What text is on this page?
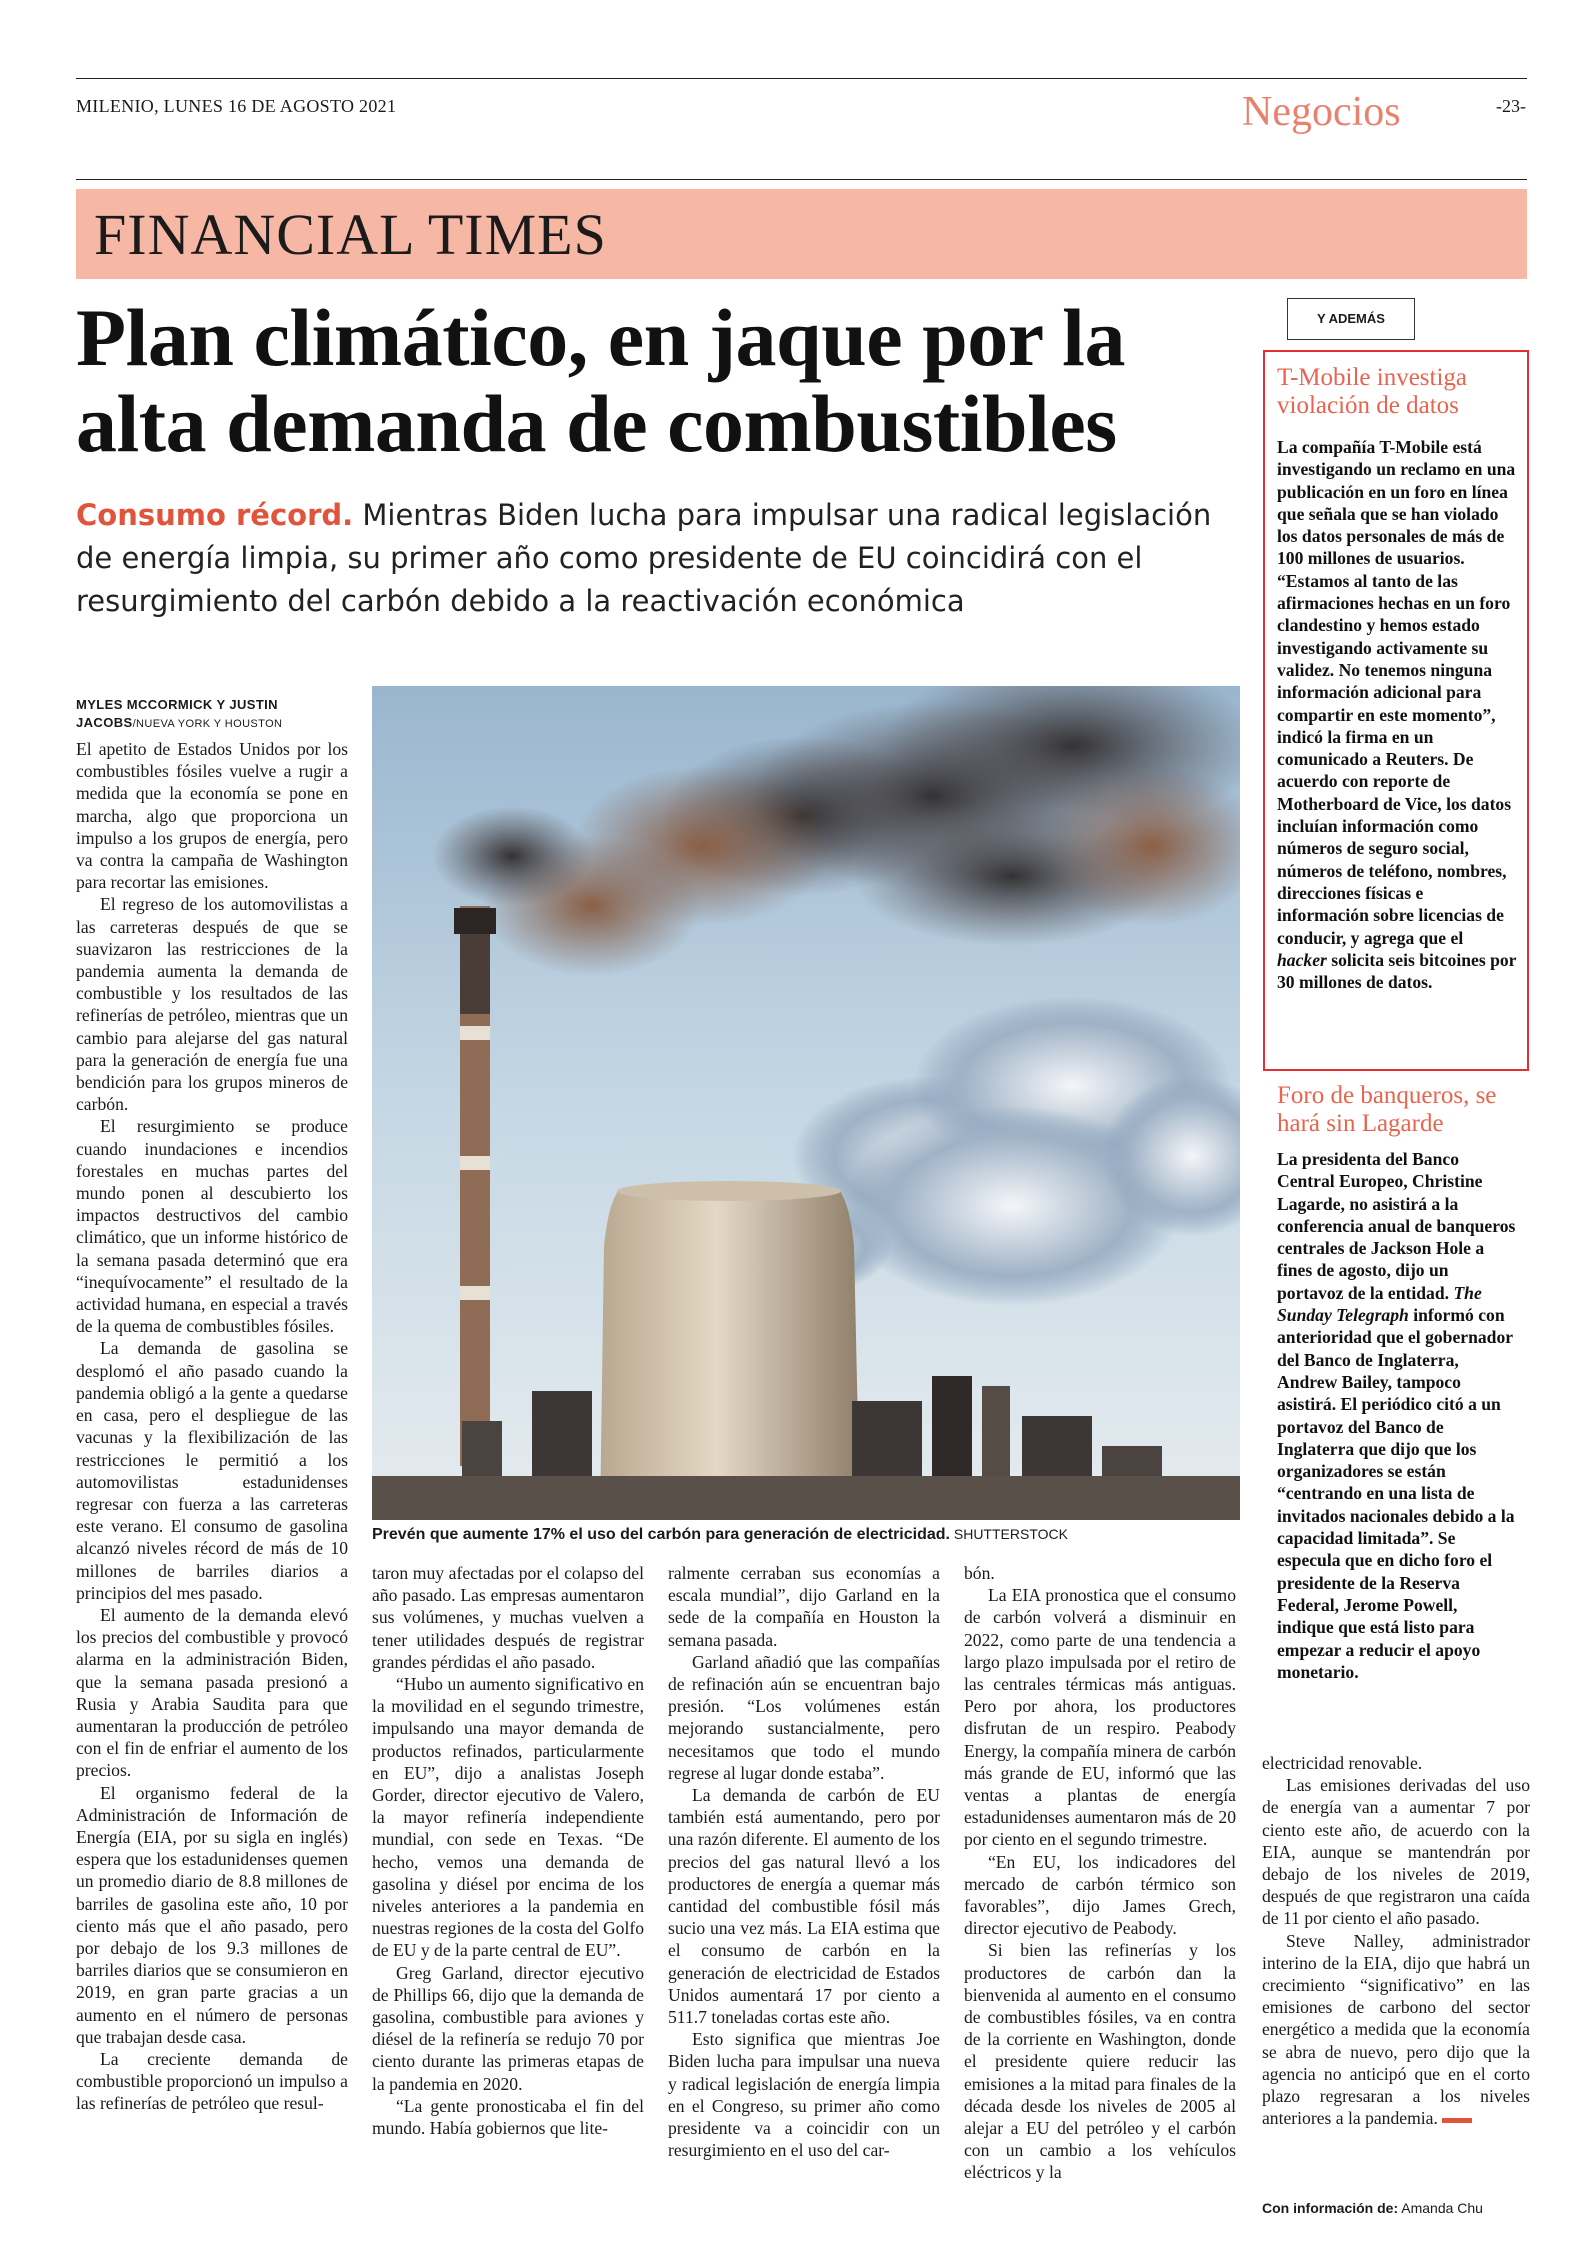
MILENIO, LUNES 16 DE AGOSTO 2021	Negocios	-23-
FINANCIAL TIMES
Plan climático, en jaque por la alta demanda de combustibles
Consumo récord. Mientras Biden lucha para impulsar una radical legislación de energía limpia, su primer año como presidente de EU coincidirá con el resurgimiento del carbón debido a la reactivación económica
MYLES MCCORMICK Y JUSTIN JACOBS/NUEVA YORK Y HOUSTON

El apetito de Estados Unidos por los combustibles fósiles vuelve a rugir a medida que la economía se pone en marcha, algo que proporciona un impulso a los grupos de energía, pero va contra la campaña de Washington para recortar las emisiones.

El regreso de los automovilistas a las carreteras después de que se suavizaron las restricciones de la pandemia aumenta la demanda de combustible y los resultados de las refinerías de petróleo, mientras que un cambio para alejarse del gas natural para la generación de energía fue una bendición para los grupos mineros de carbón.

El resurgimiento se produce cuando inundaciones e incendios forestales en muchas partes del mundo ponen al descubierto los impactos destructivos del cambio climático, que un informe histórico de la semana pasada determinó que era “inequívocamente” el resultado de la actividad humana, en especial a través de la quema de combustibles fósiles.

La demanda de gasolina se desplomó el año pasado cuando la pandemia obligó a la gente a quedarse en casa, pero el despliegue de las vacunas y la flexibilización de las restricciones le permitió a los automovilistas estadunidenses regresar con fuerza a las carreteras este verano. El consumo de gasolina alcanzó niveles récord de más de 10 millones de barriles diarios a principios del mes pasado.

El aumento de la demanda elevó los precios del combustible y provocó alarma en la administración Biden, que la semana pasada presionó a Rusia y Arabia Saudita para que aumentaran la producción de petróleo con el fin de enfriar el aumento de los precios.

El organismo federal de la Administración de Información de Energía (EIA, por su sigla en inglés) espera que los estadunidenses quemen un promedio diario de 8.8 millones de barriles de gasolina este año, 10 por ciento más que el año pasado, pero por debajo de los 9.3 millones de barriles diarios que se consumieron en 2019, en gran parte gracias a un aumento en el número de personas que trabajan desde casa.

La creciente demanda de combustible proporcionó un impulso a las refinerías de petróleo que resul-

Prevén que aumente 17% el uso del carbón para generación de electricidad. SHUTTERSTOCK

taron muy afectadas por el colapso del año pasado. Las empresas aumentaron sus volúmenes, y muchas vuelven a tener utilidades después de registrar grandes pérdidas el año pasado.

“Hubo un aumento significativo en la movilidad en el segundo trimestre, impulsando una mayor demanda de productos refinados, particularmente en EU”, dijo a analistas Joseph Gorder, director ejecutivo de Valero, la mayor refinería independiente mundial, con sede en Texas. “De hecho, vemos una demanda de gasolina y diésel por encima de los niveles anteriores a la pandemia en nuestras regiones de la costa del Golfo de EU y de la parte central de EU”.

Greg Garland, director ejecutivo de Phillips 66, dijo que la demanda de gasolina, combustible para aviones y diésel de la refinería se redujo 70 por ciento durante las primeras etapas de la pandemia en 2020.

“La gente pronosticaba el fin del mundo. Había gobiernos que lite-

ralmente cerraban sus economías a escala mundial”, dijo Garland en la sede de la compañía en Houston la semana pasada.

Garland añadió que las compañías de refinación aún se encuentran bajo presión. “Los volúmenes están mejorando sustancialmente, pero necesitamos que todo el mundo regrese al lugar donde estaba”.

La demanda de carbón de EU también está aumentando, pero por una razón diferente. El aumento de los precios del gas natural llevó a los productores de energía a quemar más cantidad del combustible fósil más sucio una vez más. La EIA estima que el consumo de carbón en la generación de electricidad de Estados Unidos aumentará 17 por ciento a 511.7 toneladas cortas este año.

Esto significa que mientras Joe Biden lucha para impulsar una nueva y radical legislación de energía limpia en el Congreso, su primer año como presidente va a coincidir con un resurgimiento en el uso del car-

bón.

La EIA pronostica que el consumo de carbón volverá a disminuir en 2022, como parte de una tendencia a largo plazo impulsada por el retiro de las centrales térmicas más antiguas. Pero por ahora, los productores disfrutan de un respiro. Peabody Energy, la compañía minera de carbón más grande de EU, informó que las ventas a plantas de energía estadunidenses aumentaron más de 20 por ciento en el segundo trimestre.

“En EU, los indicadores del mercado de carbón térmico son favorables”, dijo James Grech, director ejecutivo de Peabody.

Si bien las refinerías y los productores de carbón dan la bienvenida al aumento en el consumo de combustibles fósiles, va en contra de la corriente en Washington, donde el presidente quiere reducir las emisiones a la mitad para finales de la década desde los niveles de 2005 al alejar a EU del petróleo y el carbón con un cambio a los vehículos eléctricos y la

electricidad renovable.

Las emisiones derivadas del uso de energía van a aumentar 7 por ciento este año, de acuerdo con la EIA, aunque se mantendrán por debajo de los niveles de 2019, después de que registraron una caída de 11 por ciento el año pasado.

Steve Nalley, administrador interino de la EIA, dijo que habrá un crecimiento “significativo” en las emisiones de carbono del sector energético a medida que la economía se abra de nuevo, pero dijo que la agencia no anticipó que en el corto plazo regresaran a los niveles anteriores a la pandemia.

Con información de: Amanda Chu
Y ADEMÁS
T-Mobile investiga violación de datos
La compañía T-Mobile está investigando un reclamo en una publicación en un foro en línea que señala que se han violado los datos personales de más de 100 millones de usuarios. “Estamos al tanto de las afirmaciones hechas en un foro clandestino y hemos estado investigando activamente su validez. No tenemos ninguna información adicional para compartir en este momento”, indicó la firma en un comunicado a Reuters. De acuerdo con reporte de Motherboard de Vice, los datos incluían información como números de seguro social, números de teléfono, nombres, direcciones físicas e información sobre licencias de conducir, y agrega que el hacker solicita seis bitcoines por 30 millones de datos.
Foro de banqueros, se hará sin Lagarde
La presidenta del Banco Central Europeo, Christine Lagarde, no asistirá a la conferencia anual de banqueros centrales de Jackson Hole a fines de agosto, dijo un portavoz de la entidad. The Sunday Telegraph informó con anterioridad que el gobernador del Banco de Inglaterra, Andrew Bailey, tampoco asistirá. El periódico citó a un portavoz del Banco de Inglaterra que dijo que los organizadores se están “centrando en una lista de invitados nacionales debido a la capacidad limitada”. Se especula que en dicho foro el presidente de la Reserva Federal, Jerome Powell, indique que está listo para empezar a reducir el apoyo monetario.
